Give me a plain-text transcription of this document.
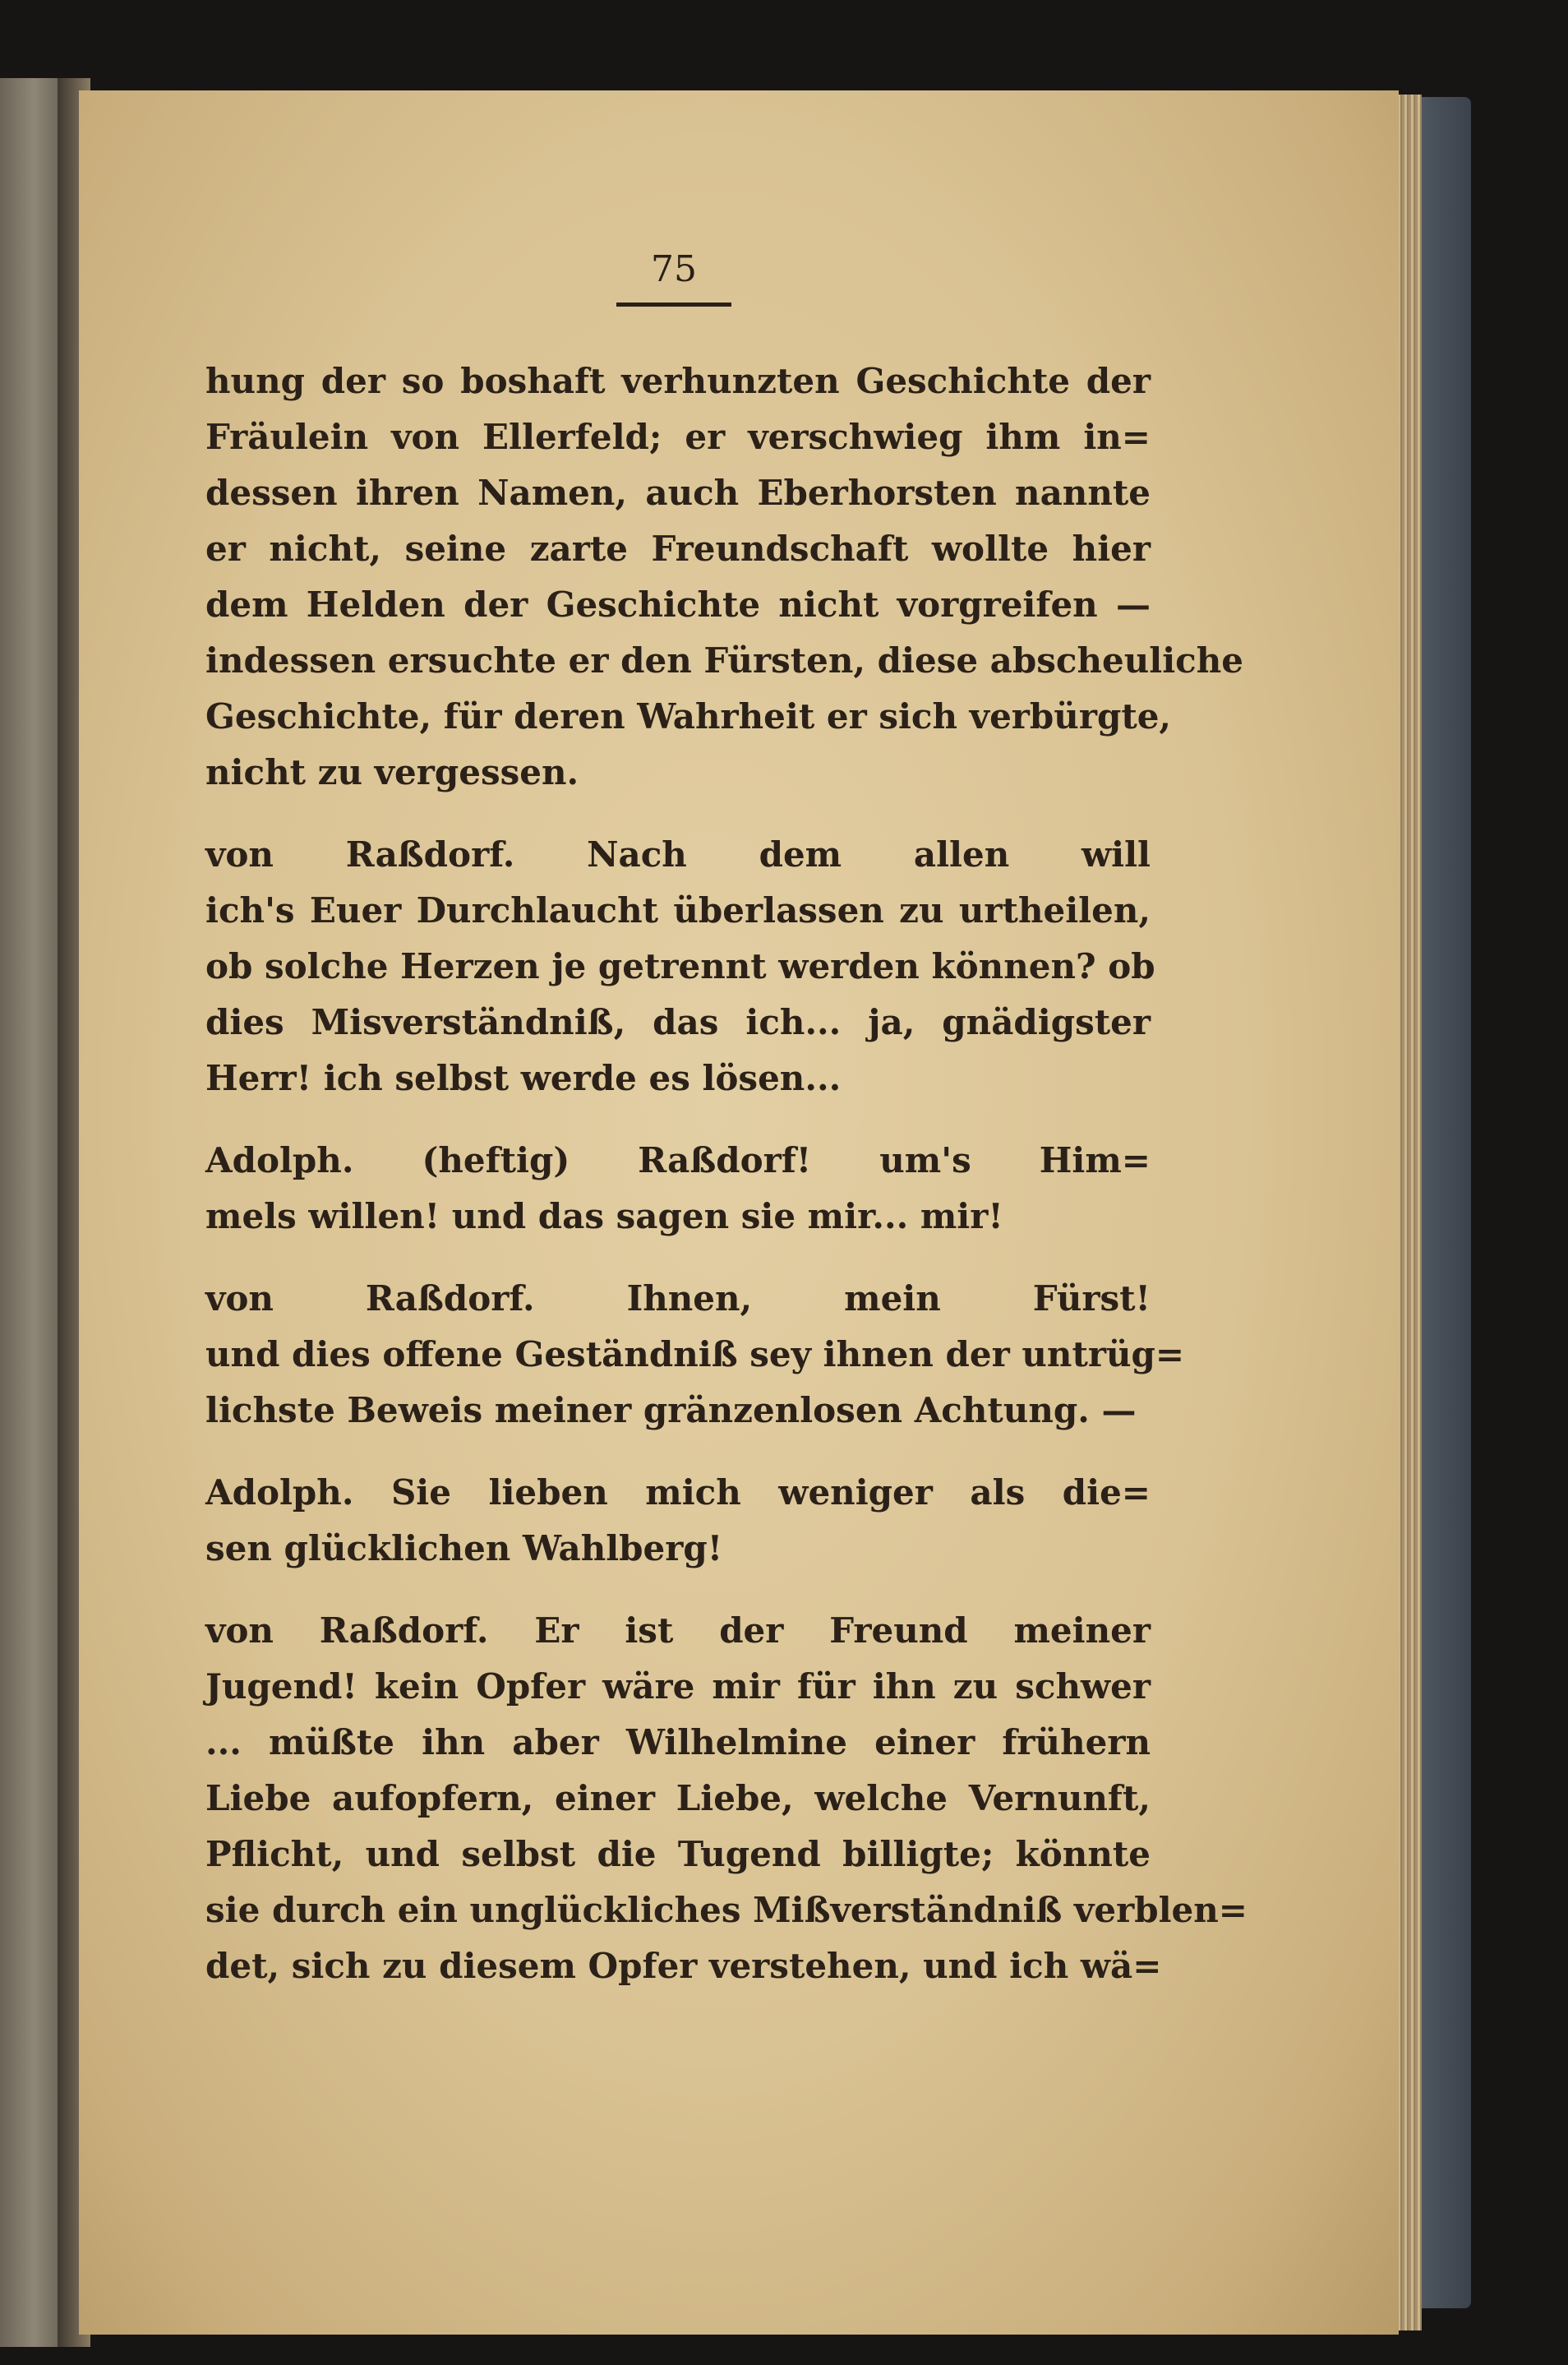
75
hung der so boshaft verhunzten Geschichte der
Fräulein von Ellerfeld; er verschwieg ihm in=
dessen ihren Namen, auch Eberhorsten nannte
er nicht, seine zarte Freundschaft wollte hier
dem Helden der Geschichte nicht vorgreifen —
indessen ersuchte er den Fürsten, diese abscheuliche
Geschichte, für deren Wahrheit er sich verbürgte,
nicht zu vergessen.
von Raßdorf. Nach dem allen will
ich's Euer Durchlaucht überlassen zu urtheilen,
ob solche Herzen je getrennt werden können? ob
dies Misverständniß, das ich... ja, gnädigster
Herr! ich selbst werde es lösen...
Adolph. (heftig) Raßdorf! um's Him=
mels willen! und das sagen sie mir... mir!
von Raßdorf. Ihnen, mein Fürst!
und dies offene Geständniß sey ihnen der untrüg=
lichste Beweis meiner gränzenlosen Achtung. —
Adolph. Sie lieben mich weniger als die=
sen glücklichen Wahlberg!
von Raßdorf. Er ist der Freund meiner
Jugend! kein Opfer wäre mir für ihn zu schwer
... müßte ihn aber Wilhelmine einer frühern
Liebe aufopfern, einer Liebe, welche Vernunft,
Pflicht, und selbst die Tugend billigte; könnte
sie durch ein unglückliches Mißverständniß verblen=
det, sich zu diesem Opfer verstehen, und ich wä=
